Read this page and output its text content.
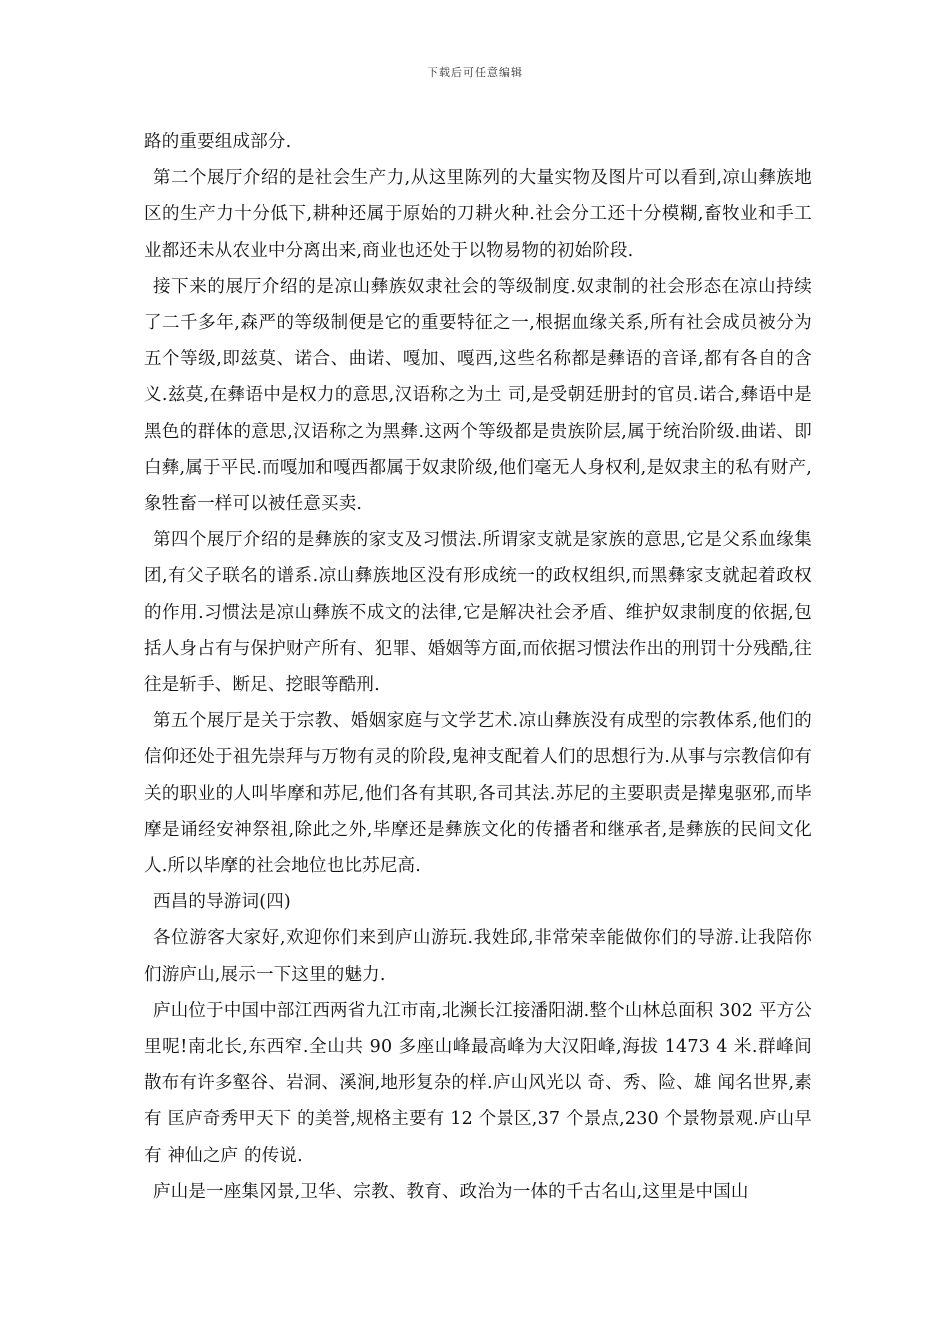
下载后可任意编辑

路的重要组成部分.

第二个展厅介绍的是社会生产力,从这里陈列的大量实物及图片可以看到,凉山彝族地区的生产力十分低下,耕种还属于原始的刀耕火种.社会分工还十分模糊,畜牧业和手工业都还未从农业中分离出来,商业也还处于以物易物的初始阶段.

接下来的展厅介绍的是凉山彝族奴隶社会的等级制度.奴隶制的社会形态在凉山持续了二千多年,森严的等级制便是它的重要特征之一,根据血缘关系,所有社会成员被分为五个等级,即兹莫、诺合、曲诺、嘎加、嘎西,这些名称都是彝语的音译,都有各自的含义.兹莫,在彝语中是权力的意思,汉语称之为土 司,是受朝廷册封的官员.诺合,彝语中是黑色的群体的意思,汉语称之为黑彝.这两个等级都是贵族阶层,属于统治阶级.曲诺、即白彝,属于平民.而嘎加和嘎西都属于奴隶阶级,他们毫无人身权利,是奴隶主的私有财产,象牲畜一样可以被任意买卖.

第四个展厅介绍的是彝族的家支及习惯法.所谓家支就是家族的意思,它是父系血缘集团,有父子联名的谱系.凉山彝族地区没有形成统一的政权组织,而黑彝家支就起着政权的作用.习惯法是凉山彝族不成文的法律,它是解决社会矛盾、维护奴隶制度的依据,包括人身占有与保护财产所有、犯罪、婚姻等方面,而依据习惯法作出的刑罚十分残酷,往往是斩手、断足、挖眼等酷刑.

第五个展厅是关于宗教、婚姻家庭与文学艺术.凉山彝族没有成型的宗教体系,他们的信仰还处于祖先崇拜与万物有灵的阶段,鬼神支配着人们的思想行为.从事与宗教信仰有关的职业的人叫毕摩和苏尼,他们各有其职,各司其法.苏尼的主要职责是撵鬼驱邪,而毕摩是诵经安神祭祖,除此之外,毕摩还是彝族文化的传播者和继承者,是彝族的民间文化人.所以毕摩的社会地位也比苏尼高.

西昌的导游词(四)

各位游客大家好,欢迎你们来到庐山游玩.我姓邱,非常荣幸能做你们的导游.让我陪你们游庐山,展示一下这里的魅力.

庐山位于中国中部江西两省九江市南,北濒长江接潘阳湖.整个山林总面积 302 平方公里呢!南北长,东西窄.全山共 90 多座山峰最高峰为大汉阳峰,海拔 1473 4 米.群峰间散布有许多壑谷、岩洞、溪涧,地形复杂的样.庐山风光以 奇、秀、险、雄 闻名世界,素有 匡庐奇秀甲天下 的美誉,规格主要有 12 个景区,37 个景点,230 个景物景观.庐山早有 神仙之庐 的传说.

庐山是一座集冈景,卫华、宗教、教育、政治为一体的千古名山,这里是中国山
